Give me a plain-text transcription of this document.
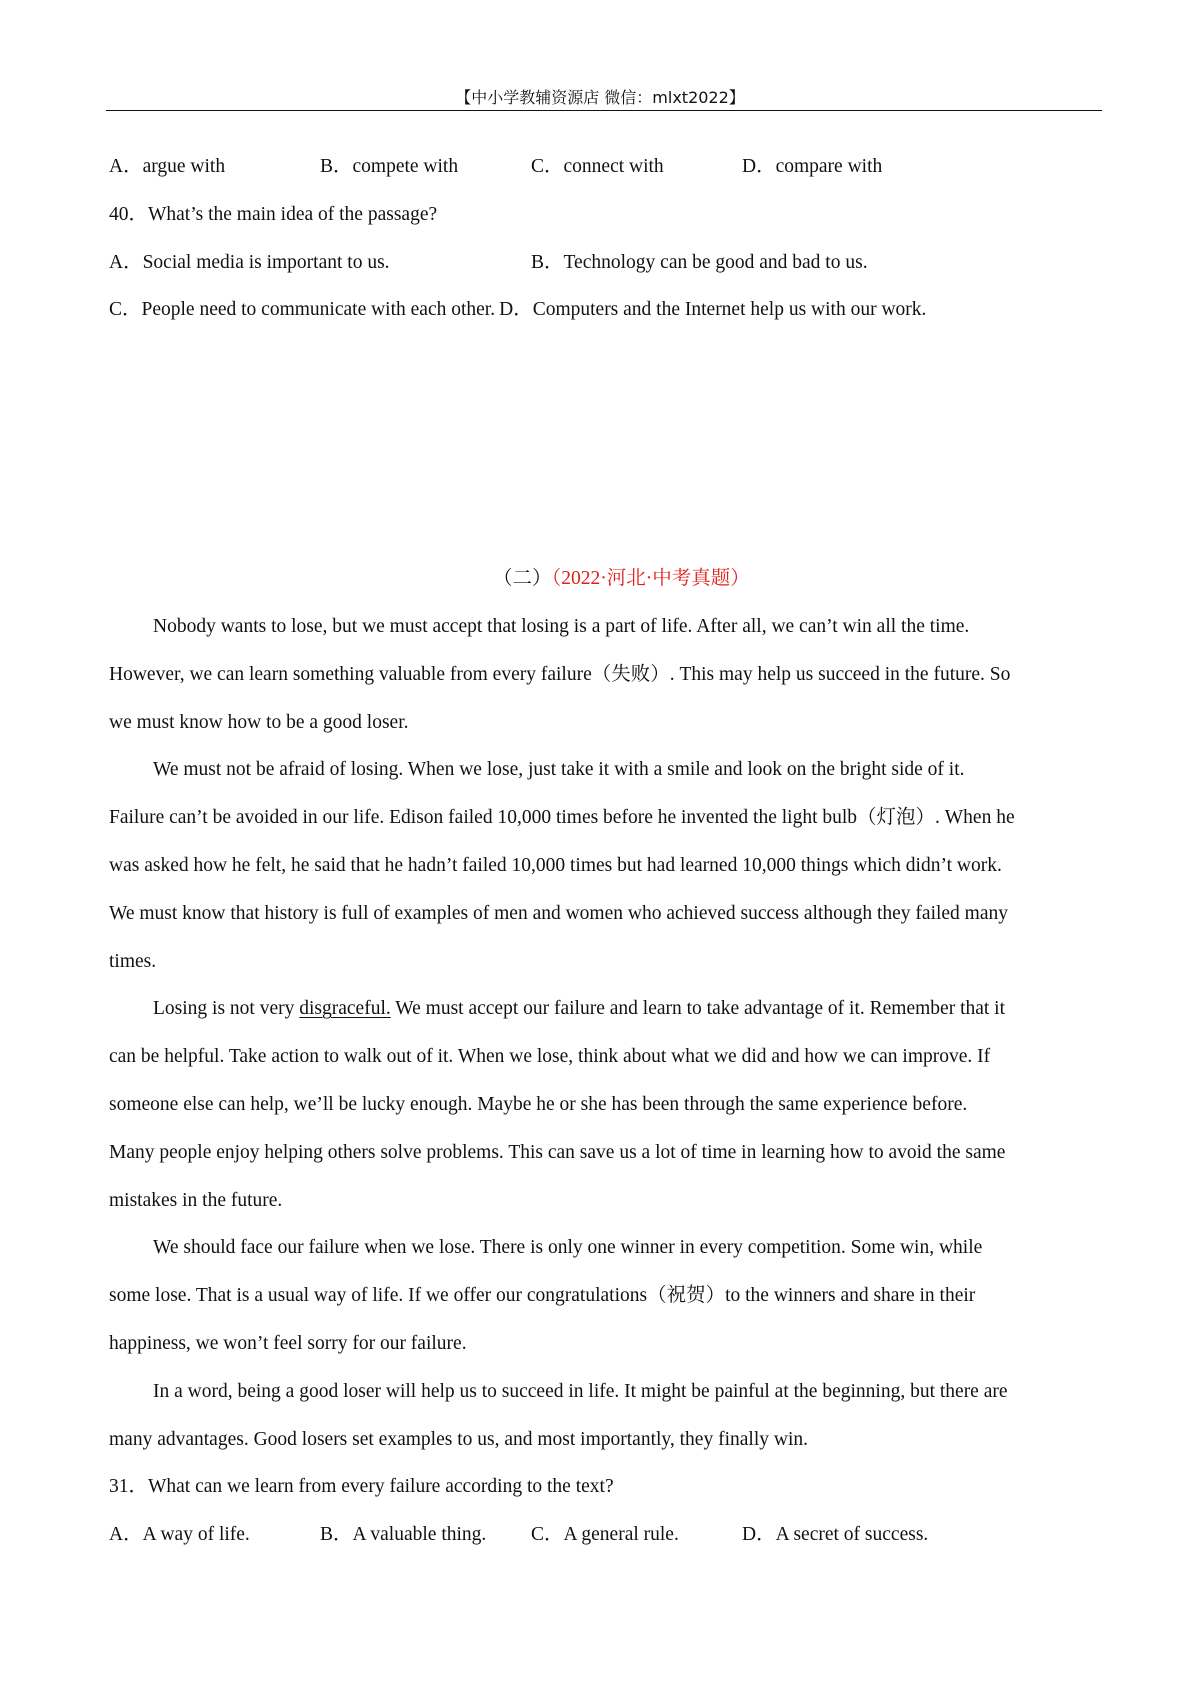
【中小学教辅资源店 微信：mlxt2022】
A．argue with	B．compete with	C．connect with	D．compare with
40．What’s the main idea of the passage?
A．Social media is important to us.	B．Technology can be good and bad to us.
C．People need to communicate with each other. D．Computers and the Internet help us with our work.
（二）（2022·河北·中考真题）
Nobody wants to lose, but we must accept that losing is a part of life. After all, we can’t win all the time.
However, we can learn something valuable from every failure（失败）. This may help us succeed in the future. So
we must know how to be a good loser.
We must not be afraid of losing. When we lose, just take it with a smile and look on the bright side of it.
Failure can’t be avoided in our life. Edison failed 10,000 times before he invented the light bulb（灯泡）. When he
was asked how he felt, he said that he hadn’t failed 10,000 times but had learned 10,000 things which didn’t work.
We must know that history is full of examples of men and women who achieved success although they failed many
times.
Losing is not very disgraceful. We must accept our failure and learn to take advantage of it. Remember that it
can be helpful. Take action to walk out of it. When we lose, think about what we did and how we can improve. If
someone else can help, we’ll be lucky enough. Maybe he or she has been through the same experience before.
Many people enjoy helping others solve problems. This can save us a lot of time in learning how to avoid the same
mistakes in the future.
We should face our failure when we lose. There is only one winner in every competition. Some win, while
some lose. That is a usual way of life. If we offer our congratulations（祝贺）to the winners and share in their
happiness, we won’t feel sorry for our failure.
In a word, being a good loser will help us to succeed in life. It might be painful at the beginning, but there are
many advantages. Good losers set examples to us, and most importantly, they finally win.
31．What can we learn from every failure according to the text?
A．A way of life.	B．A valuable thing. C．A general rule.	D．A secret of success.
